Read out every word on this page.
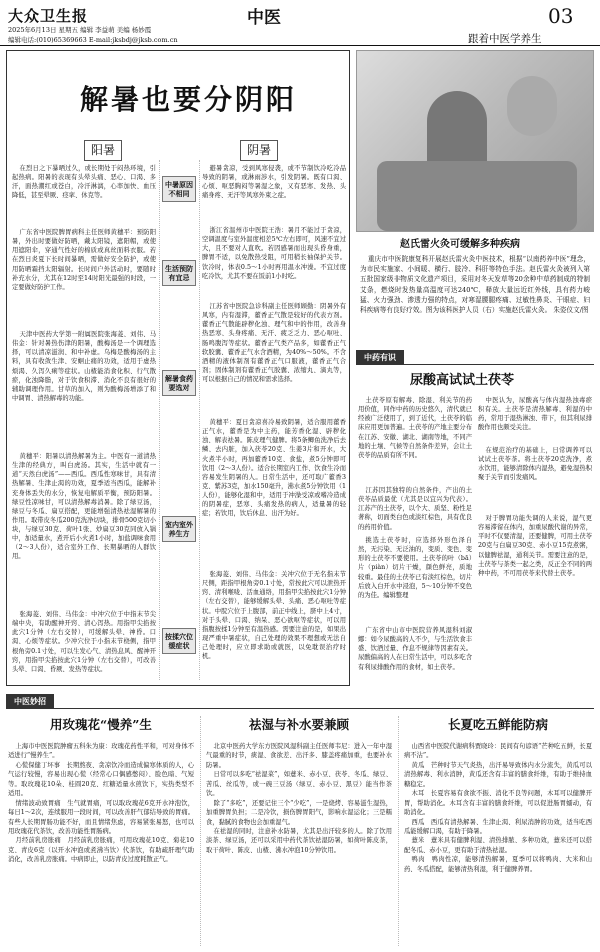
大众卫生报
2025年6月13日 星期五 编辑 李益萌 美编 杨妙霞
编辑电话:(010)65369663 E-mail:jksbdj@jksb.com.cn
中医	03
跟着中医学养生
解暑也要分阴阳
阳暑	阴暑
中暑原因不相同
生活预防有宜忌
解暑食药要选对
室内室外养生方
按揉穴位缓症状
在烈日之下暴晒过久，或长期处于闷热环境，引起热病。阳暑的表现有头晕头痛、恶心、口渴、多汗，面热潮红或苍白，冷汗淋漓，心率加快、血压降低，甚至晕厥、痉挛、休克等。
广东省中医院脾胃病科主任医师黄穗平：预防阳暑，外出时要做好防晒，戴太阳镜，遮阳帽，或使用遮阳伞，穿通气性好的棉质或真丝面料衣服。若在烈日炎夏下长时间暴晒，需做好安全防护，或使用防晒霜挡太阳辐射。长时间户外活动时，要随时补充水分，尤其在12时至14时阳光最强的时段，一定要做好防护工作。
天津中医药大学第一附属医院张海菱、刘伟、马伟金：针对暑热伤津的阳暑，酸梅汤是一个调理选择，可以清凉滋润、和中补虚。乌梅是酸梅汤的主料，具有收敛生津、安蛔止痛的功效，适用于虚热烦渴、久泻久痢等症状。山楂能消食化积、行气散瘀，化浊降脂，对于饮食积滞、消化不良有很好的辅助调理作用。甘草的加入，则为酸梅汤增添了和中调胃、清热解毒的功能。
黄穗平：阳暑以清热解暑为主。中医有一道清热生津的经典方，叫白虎汤。其实，生活中就有一道“天然白虎汤”——西瓜。西瓜性寒味甘，具有清热解暑、生津止渴的功效，夏季适当西瓜，能解补充身体丢失的水分，恢复电解质平衡，预防阳暑。绿豆性凉味甘，可以清热解毒消暑。除了绿豆汤，绿豆与冬瓜、扁豆搭配，更能增强清热祛湿解暑的作用。取带皮冬瓜200克洗净切块，排骨500克切小块，与绿豆30克、荷叶1张、炒扁豆30克同放入锅中，加适量水，煮开后小火煮1小时，加盐调味食用（2～3人份），适合室外工作、长期暴晒的人群饮用。
张海菱、刘伟、马伟金：中冲穴位于中指末节尖端中央，有助醒神开窍、清心泻热。用指甲尖掐按此穴1分钟（左右交替），可缓解头晕、神昏。口渴、心烦等症状。少冲穴位于小指末节桡侧，指甲根角旁0.1寸处，可以生发心气、清热息风、醒神开窍，用指甲尖掐按此穴1分钟（左右交替），可改善头晕、口渴、昏厥、发热等症状。
避暑贪凉，受到风寒侵袭，或不节制饮冷吃冷品导致的阴暑，或淋雨涉水，引发阴暑。既有口渴、心烦、呕恶胸闷等暑湿之象，又有恶寒、发热、头痛身疼、无汗等风寒外束之症。
浙江省温州市中医院王浩：暑月不能过于贪凉，空调温度与室外温度相差5℃左右即可，风速不宜过大，且不要对人直吹。若因感暑而出现头昏身重，脾胃不适，以免散热受阻，可用稍长袖保护关节。饮冷时，体表0.5～1小时再用温水冲澡。不宜过度吃冷饮，尤其不要在饭前1小时吃。
江苏省中医院急诊科副主任医师顾勤：阴暑外有风寒，内有湿滞，藿香正气散是较好的代表方剂。藿香正气散能辟秽化浊、理气和中的作用，改善身热恶寒、头身疼痛、无汗、疲乏乏力、恶心呕吐、肠鸣腹泻等症状。藿香正气类产品多，如藿香正气软胶囊、藿香正气水含酒精，为40%～50%。不含酒精的液体制剂有藿香正气口服液，藿香正气合剂；固体制剂有藿香正气胶囊、浓缩丸、滴丸等，可以根据自己的情况和需求选择。
黄穗平：夏日贪凉喜冷易致阴暑，适合服用藿香正气水，藿香是为中主药，能芳香化湿、辟秽化浊、解表祛暑。陈皮理气健脾。将5条鲫鱼洗净后去鳞、去内脏，加入茯苓20克、生姜3片和开水，大火煮半小时，再加藿香10克、食盐，煮5分钟即可饮用（2～3人份）。适合长期室内工作、饮食生冷而容易发生阴暑的人。日常生活中，还可取广藿香3克、紫苏3克，加水150毫升，沸水煮5分钟饮用（1人份），能够化湿和中，适用于冲澡受凉或嗜冷造成的阴暑症，恶寒、头痛发热的病人，适量暑的轻症；若饮用，饮后休息、出汗为好。
张海菱、刘伟、马伟金：关冲穴位于无名指末节尺侧，距指甲根角旁0.1寸处，常按此穴可以泄热开窍、清利喉咙、活血通络，用指甲尖掐按此穴1分钟（左右交替），能够缓解头晕、头痛、恶心呕吐等症状。中脘穴位于上腹部，前正中线上，脐中上4寸，对于头晕、口渴、纳呆、恶心欲呕等症状，可以用指腹按揉1分钟至有温热感。需要注意的是，如果出现严重中暑症状，自己处理的效果不理想或无法自己处理时，应立即求助或就医，以免耽误治疗时机。
赵氏雷火灸可缓解多种疾病
重庆市中医院康复科开展赵氏雷火灸中医技术，根据“以南药养中医”理念，为市民实施家、小间暖、横行、肢冷、科肝等特色手法。赵氏雷火灸被列入第五批国家级非物质文化遗产项目，采用对冬天发草等20余种中草药制成的特制艾条，燃烧时发热量高温度可达240℃，释放大量远近红外线，具有药力峻猛、火力强劲、渗透力强的特点，对寒湿腰腿疼痛、过敏性鼻炎、干眼症、妇科疾病等有良好疗效。图为该科医护人员（右）实施赵氏雷火灸。 朱姿仪文/图
中药有识
尿酸高试试土茯苓
土茯苓原有解毒、除湿、利关节的药用价值，同作中药的历史悠久，清代就已经被广泛使用了，到了近代，土茯苓的临床应用更加普遍。土茯苓的产地主要分布在江苏、安徽、湖北、湖南等地，不同产地的土壤、气候等自然条件差异，会让土茯苓的品质有所不同。
江苏因其独特的自然条件，产出的土茯苓品质最优（尤其是以宜兴为代表）。江苏产的土茯苓，以个大、质坚、粉性足著称，切面类白色或淡红棕色，具有优良的药用价值。
挑选土茯苓时，应选择外形色泽自然，无污染、无泛油的，变质、变色、变形的土茯苓不要使用。土茯苓的叶（bā）片（piàn）切片干燥，颜色鲜亮，质地较重。最佳的土茯苓已有淡红棕色，切片后放入白开水中浸泡，5～10分钟不变色的为佳。编辑整理
广东省中山市中医院营养风湿科刘淑娜：如今尿酸高的人不少，与生活饮食丰盛、饮酒过量、作息不规律等因素有关。尿酸偏高的人在日常生活中，可以多吃含有利尿排酸作用的食材，如土茯苓。
中医认为，尿酸高与体内湿热浊毒瘀积有关。土茯苓是清热解毒、利湿的中药，常用于湿热淋浊、带下，但其利尿排酸作用也颇受关注。
在规范治疗的基础上，日常调养可以试试土茯苓茶。将土茯苓20克洗净，煮水饮用，能够清除体内湿热，避免湿热积聚于关节而引发痛风。
对于脾胃功能失调的人来说，湿气更容易滞留在体内，加重尿酸代谢的异常，平时不仅要清湿，还要健脾，可用土茯苓20克与白扁豆30克、赤小豆15克煮粥，以健脾祛湿，通利关节。需要注意的是，土茯苓与茶类一起之类，反正全不同的两种中药，不可用茯苓来代替土茯苓。
中医妙招
用玫瑰花“慢养”生	祛湿与补水要兼顾	长夏吃五鲜能防病

上海市中医医院肿瘤五科朱为康：玫瑰花药性平和，可对身体不适进行“慢养生”。

心慌保健丁坏事　长期熬夜、贪凉饮冷而造成偏寒体质的人，心气运行较慢，容易出现心慌（经常心口偶感憋闷）、脸色暗、气短等。取玫瑰花10朵、桂圆20克、红糖适量水煎饮下，实热类型不适用。

情绪波动致胃痛　生气就胃痛，可以取玫瑰花6克开水冲泡饮，每日1～2次，连续服用一段时间，可以改善肝气郁结导致的胃痛。有些人长期胃肠功能不好，而且情绪焦虑，容易紧张易怒，也可以用玫瑰花代茶饮，改善功能性胃肠病。

月经前乳房胀痛　月经前乳房胀痛，可用玫瑰花10克、菊花10克、青皮6克（以开水冲泡或煮沸当饮）代茶饮，有助疏肝理气助消化，改善乳房胀痛。中病即止，以防青皮过度耗散正气。

北京中医药大学东方医院风湿科副主任医师韦尼：进入一年中湿气最重的时节，痰湿、食欲差、出汗多、膝盖疼痛加重，也要补水防暑。

日常可以多吃“祛湿菜”，如薏米、赤小豆、茯苓、冬瓜、绿豆、苦瓜、丝瓜等，或一碗三豆汤（绿豆、赤小豆、黑豆）能当作茶饮。

除了“多吃”，还要记住三个“少吃”，一是烧烤、容易滋生湿热，加重脾胃负担；二是冷饮，损伤脾胃阳气，影响水湿运化；三是糯食，黏腻的食物也会加重湿气。

在祛湿的同时，注意补水防暑，尤其是出汗较多的人。除了饮用淡茶、绿豆汤，还可以采用中药代茶饮祛湿防暑，如荷叶陈皮茶，取干荷叶、陈皮、山楂、沸水冲泡10分钟饮用。

山西省中医院代谢病科贾晓玲：民间有句谚语“芒种吃五鲜，长夏病不沾”。

黄瓜　芒种时节天气炎热，出汗易导致体内水分流失，黄瓜可以清热解毒、利水消肿，黄瓜还含有丰富的膳食纤维，有助于维持血糖稳定。

木耳　长夏容易有食欲不振、消化不良等问题，木耳可以健脾开胃，帮助消化。木耳含有丰富的膳食纤维，可以促进肠胃蠕动，有助消化。

西瓜　西瓜有清热解暑、生津止渴、利尿消肿的功效，适当吃西瓜能缓解口渴，有助于降暑。

薏米　薏米具有健脾利湿、清热排脓、多种功效，薏米还可以搭配冬瓜、赤小豆，更有助于清热祛湿。

鸭肉　鸭肉性凉，能够清热解暑，夏季可以将鸭肉、大米和山药、冬瓜搭配，能够清热利湿，利于健脾养胃。
